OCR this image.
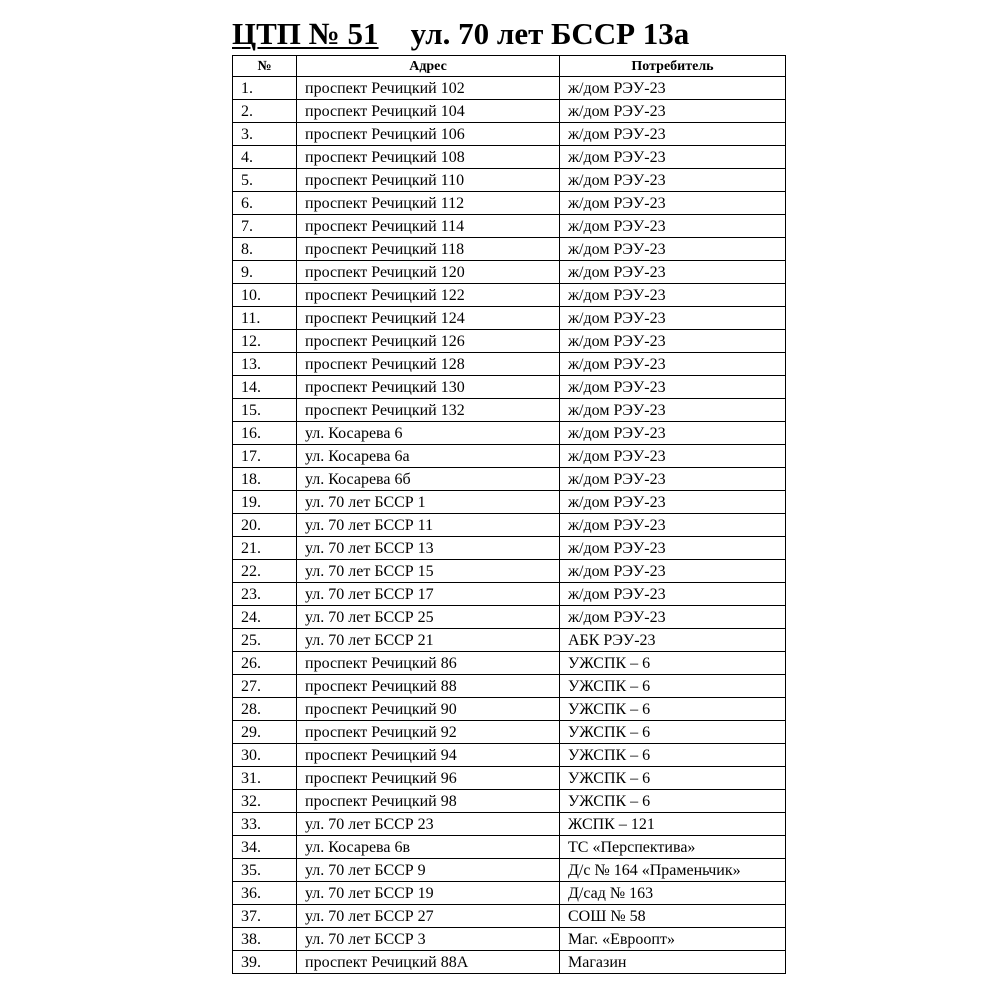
ЦТП № 51 ул. 70 лет БССР 13а
№	Адрес	Потребитель
1.	проспект Речицкий 102	ж/дом РЭУ-23
2.	проспект Речицкий 104	ж/дом РЭУ-23
3.	проспект Речицкий 106	ж/дом РЭУ-23
4.	проспект Речицкий 108	ж/дом РЭУ-23
5.	проспект Речицкий 110	ж/дом РЭУ-23
6.	проспект Речицкий 112	ж/дом РЭУ-23
7.	проспект Речицкий 114	ж/дом РЭУ-23
8.	проспект Речицкий 118	ж/дом РЭУ-23
9.	проспект Речицкий 120	ж/дом РЭУ-23
10.	проспект Речицкий 122	ж/дом РЭУ-23
11.	проспект Речицкий 124	ж/дом РЭУ-23
12.	проспект Речицкий 126	ж/дом РЭУ-23
13.	проспект Речицкий 128	ж/дом РЭУ-23
14.	проспект Речицкий 130	ж/дом РЭУ-23
15.	проспект Речицкий 132	ж/дом РЭУ-23
16.	ул. Косарева 6	ж/дом РЭУ-23
17.	ул. Косарева 6а	ж/дом РЭУ-23
18.	ул. Косарева 6б	ж/дом РЭУ-23
19.	ул. 70 лет БССР 1	ж/дом РЭУ-23
20.	ул. 70 лет БССР 11	ж/дом РЭУ-23
21.	ул. 70 лет БССР 13	ж/дом РЭУ-23
22.	ул. 70 лет БССР 15	ж/дом РЭУ-23
23.	ул. 70 лет БССР 17	ж/дом РЭУ-23
24.	ул. 70 лет БССР 25	ж/дом РЭУ-23
25.	ул. 70 лет БССР 21	АБК РЭУ-23
26.	проспект Речицкий 86	УЖСПК – 6
27.	проспект Речицкий 88	УЖСПК – 6
28.	проспект Речицкий 90	УЖСПК – 6
29.	проспект Речицкий 92	УЖСПК – 6
30.	проспект Речицкий 94	УЖСПК – 6
31.	проспект Речицкий 96	УЖСПК – 6
32.	проспект Речицкий 98	УЖСПК – 6
33.	ул. 70 лет БССР 23	ЖСПК – 121
34.	ул. Косарева 6в	ТС «Перспектива»
35.	ул. 70 лет БССР 9	Д/с № 164 «Праменьчик»
36.	ул. 70 лет БССР 19	Д/сад № 163
37.	ул. 70 лет БССР 27	СОШ № 58
38.	ул. 70 лет БССР 3	Маг. «Евроопт»
39.	проспект Речицкий 88А	Магазин
